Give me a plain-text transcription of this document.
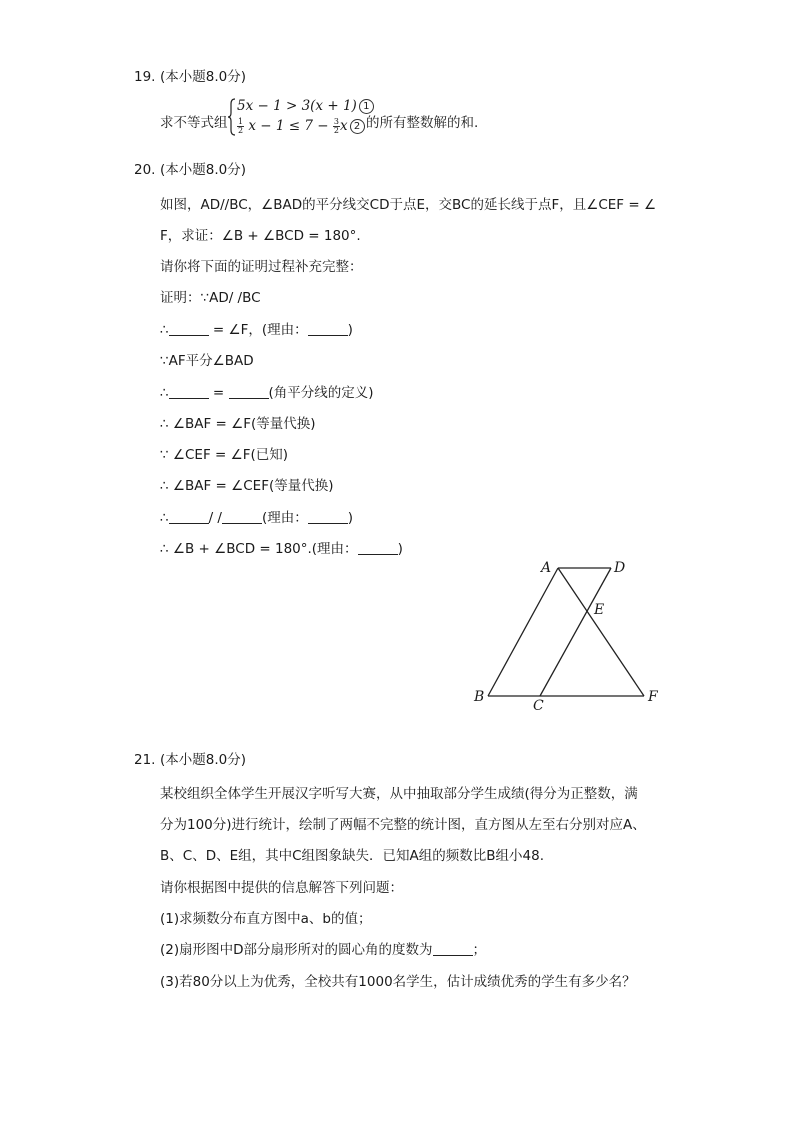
19. (本小题8.0分)
求不等式组
5x − 1 > 3(x + 1) 1
$\frac{1}{2}$ $x - 1 \le 7 - \frac{3}{2}$ x 2 的所有整数解的和.
20. (本小题8.0分)
如图，AD//BC，∠BAD的平分线交CD于点E，交BC的延长线于点F，且∠CEF = ∠
F，求证：∠B + ∠BCD = 180°.
请你将下面的证明过程补充完整：
证明：∵AD/ /BC
∴	= ∠F，(理由：	)
∵AF平分∠BAD
∴	=	(角平分线的定义)
∴ ∠BAF = ∠F(等量代换)
∵ ∠CEF = ∠F(已知)
∴ ∠BAF = ∠CEF(等量代换)
∴	/ /	(理由：	)
∴ ∠B + ∠BCD = 180°.(理由：	)
A	D
E
B
C
F
21. (本小题8.0分)
某校组织全体学生开展汉字听写大赛，从中抽取部分学生成绩(得分为正整数，满
分为100分)进行统计，绘制了两幅不完整的统计图，直方图从左至右分别对应A、
B、C、D、E组，其中C组图象缺失．已知A组的频数比B组小48.
请你根据图中提供的信息解答下列问题：
(1)求频数分布直方图中a、b的值；
(2)扇形图中D部分扇形所对的圆心角的度数为	；
(3)若80分以上为优秀，全校共有1000名学生，估计成绩优秀的学生有多少名？
